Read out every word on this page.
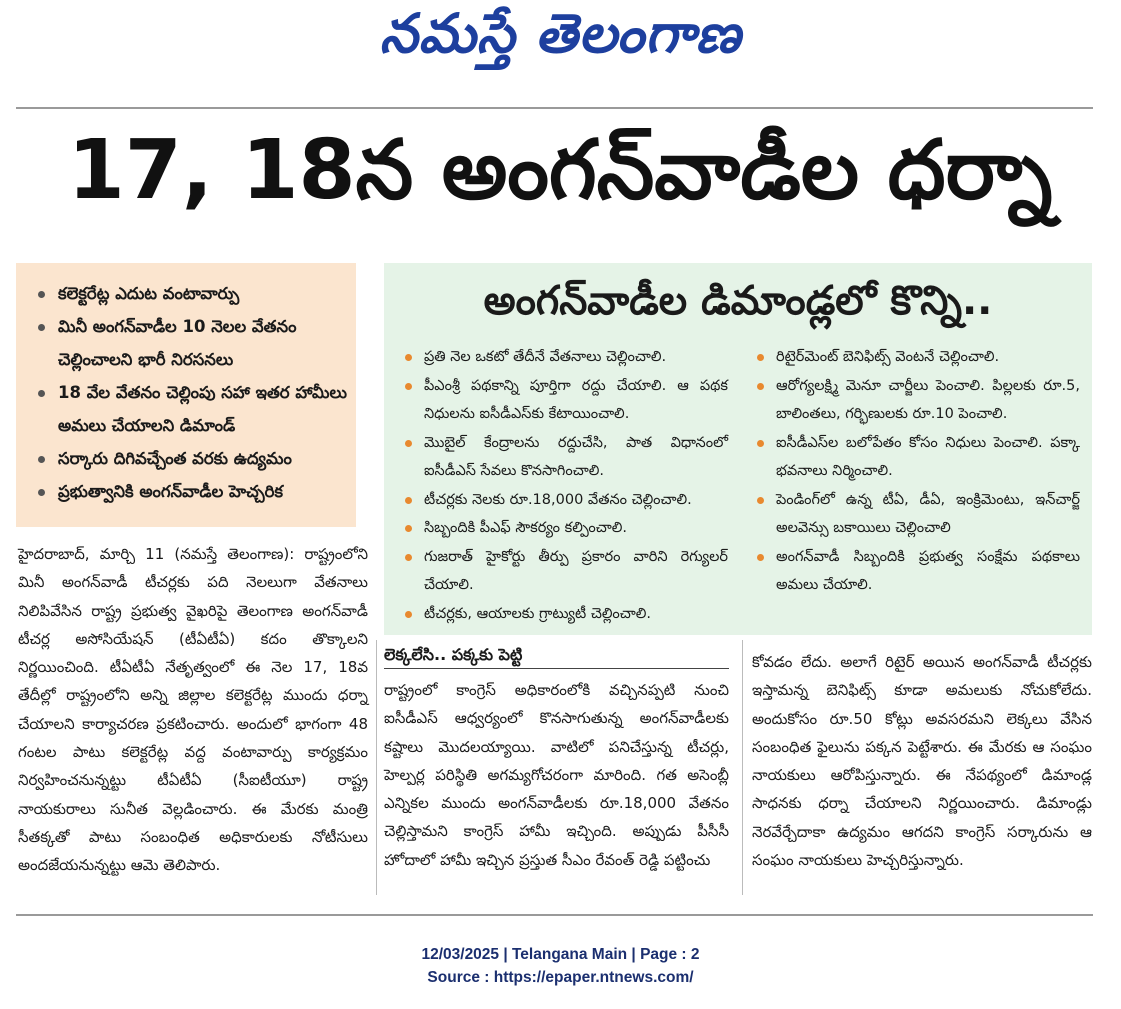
నమస్తే తెలంగాణ
17, 18న అంగన్‌వాడీల ధర్నా
కలెక్టరేట్ల ఎదుట వంటావార్పు
మినీ అంగన్‌వాడీల 10 నెలల వేతనం చెల్లించాలని భారీ నిరసనలు
18 వేల వేతనం చెల్లింపు సహా ఇతర హామీలు అమలు చేయాలని డిమాండ్
సర్కారు దిగివచ్చేంత వరకు ఉద్యమం
ప్రభుత్వానికి అంగన్‌వాడీల హెచ్చరిక
అంగన్‌వాడీల డిమాండ్లలో కొన్ని..
ప్రతి నెల ఒకటో తేదీనే వేతనాలు చెల్లించాలి.
పీఎంశ్రీ పథకాన్ని పూర్తిగా రద్దు చేయాలి. ఆ పథక నిధులను ఐసీడీఎస్‌కు కేటాయించాలి.
మొబైల్ కేంద్రాలను రద్దుచేసి, పాత విధానంలో ఐసీడీఎస్ సేవలు కొనసాగించాలి.
టీచర్లకు నెలకు రూ.18,000 వేతనం చెల్లించాలి.
సిబ్బందికి పీఎఫ్ సౌకర్యం కల్పించాలి.
గుజరాత్ హైకోర్టు తీర్పు ప్రకారం వారిని రెగ్యులర్ చేయాలి.
టీచర్లకు, ఆయాలకు గ్రాట్యుటీ చెల్లించాలి.
రిటైర్‌మెంట్ బెనిఫిట్స్ వెంటనే చెల్లించాలి.
ఆరోగ్యలక్ష్మి మెనూ చార్జీలు పెంచాలి. పిల్లలకు రూ.5, బాలింతలు, గర్భిణులకు రూ.10 పెంచాలి.
ఐసీడీఎస్‌ల బలోపేతం కోసం నిధులు పెంచాలి. పక్కా భవనాలు నిర్మించాలి.
పెండింగ్‌లో ఉన్న టీఏ, డీఏ, ఇంక్రిమెంటు, ఇన్‌చార్జ్ అలవెన్సు బకాయిలు చెల్లించాలి
అంగన్‌వాడీ సిబ్బందికి ప్రభుత్వ సంక్షేమ పథకాలు అమలు చేయాలి.
హైదరాబాద్, మార్చి 11 (నమస్తే తెలంగాణ): రాష్ట్రంలోని మినీ అంగన్‌వాడీ టీచర్లకు పది నెలలుగా వేతనాలు నిలిపివేసిన రాష్ట్ర ప్రభుత్వ వైఖరిపై తెలంగాణ అంగన్‌వాడీ టీచర్ల అసోసియేషన్ (టీఏటీఏ) కదం తొక్కాలని నిర్ణయించింది. టీఏటీఏ నేతృత్వంలో ఈ నెల 17, 18వ తేదీల్లో రాష్ట్రంలోని అన్ని జిల్లాల కలెక్టరేట్ల ముందు ధర్నా చేయాలని కార్యాచరణ ప్రకటించారు. అందులో భాగంగా 48 గంటల పాటు కలెక్టరేట్ల వద్ద వంటావార్పు కార్యక్రమం నిర్వహించనున్నట్టు టీఏటీఏ (సీఐటీయూ) రాష్ట్ర నాయకురాలు సునీత వెల్లడించారు. ఈ మేరకు మంత్రి సీతక్కతో పాటు సంబంధిత అధికారులకు నోటీసులు అందజేయనున్నట్టు ఆమె తెలిపారు.
లెక్కలేసి.. పక్కకు పెట్టి
రాష్ట్రంలో కాంగ్రెస్ అధికారంలోకి వచ్చినప్పటి నుంచి ఐసీడీఎస్ ఆధ్వర్యంలో కొనసాగుతున్న అంగన్‌వాడీలకు కష్టాలు మొదలయ్యాయి. వాటిలో పనిచేస్తున్న టీచర్లు, హెల్పర్ల పరిస్థితి అగమ్యగోచరంగా మారింది. గత అసెంబ్లీ ఎన్నికల ముందు అంగన్‌వాడీలకు రూ.18,000 వేతనం చెల్లిస్తామని కాంగ్రెస్ హామీ ఇచ్చింది. అప్పుడు పీసీసీ హోదాలో హామీ ఇచ్చిన ప్రస్తుత సీఎం రేవంత్ రెడ్డి పట్టించు
కోవడం లేదు. అలాగే రిటైర్ అయిన అంగన్‌వాడీ టీచర్లకు ఇస్తామన్న బెనిఫిట్స్ కూడా అమలుకు నోచుకోలేదు. అందుకోసం రూ.50 కోట్లు అవసరమని లెక్కలు వేసిన సంబంధిత ఫైలును పక్కన పెట్టేశారు. ఈ మేరకు ఆ సంఘం నాయకులు ఆరోపిస్తున్నారు. ఈ నేపథ్యంలో డిమాండ్ల సాధనకు ధర్నా చేయాలని నిర్ణయించారు. డిమాండ్లు నెరవేర్చేదాకా ఉద్యమం ఆగదని కాంగ్రెస్ సర్కారును ఆ సంఘం నాయకులు హెచ్చరిస్తున్నారు.
12/03/2025 | Telangana Main | Page : 2
Source : https://epaper.ntnews.com/
